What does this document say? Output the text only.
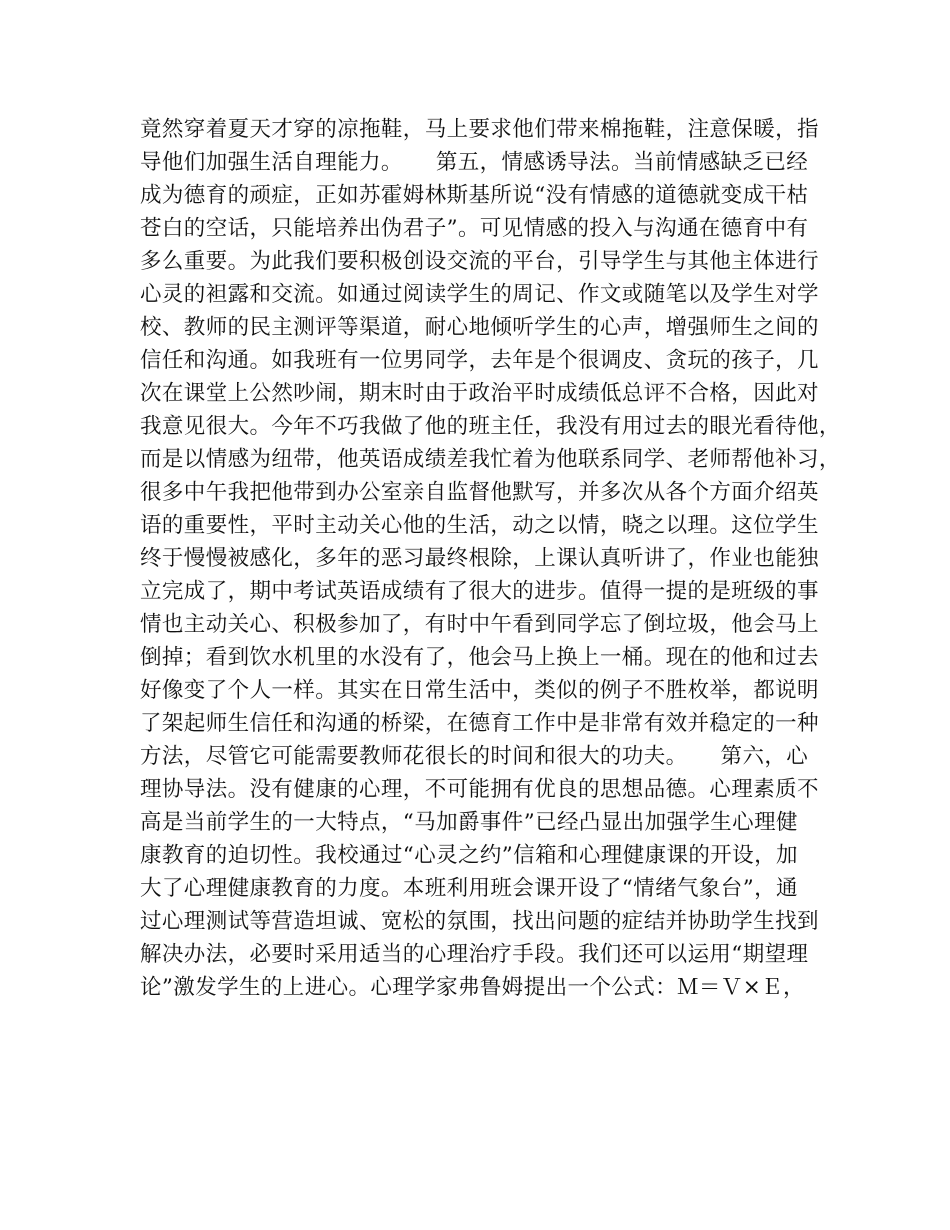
竟然穿着夏天才穿的凉拖鞋，马上要求他们带来棉拖鞋，注意保暖，指
导他们加强生活自理能力。　　第五，情感诱导法。当前情感缺乏已经
成为德育的顽症，正如苏霍姆林斯基所说“没有情感的道德就变成干枯
苍白的空话，只能培养出伪君子”。可见情感的投入与沟通在德育中有
多么重要。为此我们要积极创设交流的平台，引导学生与其他主体进行
心灵的袒露和交流。如通过阅读学生的周记、作文或随笔以及学生对学
校、教师的民主测评等渠道，耐心地倾听学生的心声，增强师生之间的
信任和沟通。如我班有一位男同学，去年是个很调皮、贪玩的孩子，几
次在课堂上公然吵闹，期末时由于政治平时成绩低总评不合格，因此对
我意见很大。今年不巧我做了他的班主任，我没有用过去的眼光看待他，
而是以情感为纽带，他英语成绩差我忙着为他联系同学、老师帮他补习，
很多中午我把他带到办公室亲自监督他默写，并多次从各个方面介绍英
语的重要性，平时主动关心他的生活，动之以情，晓之以理。这位学生
终于慢慢被感化，多年的恶习最终根除，上课认真听讲了，作业也能独
立完成了，期中考试英语成绩有了很大的进步。值得一提的是班级的事
情也主动关心、积极参加了，有时中午看到同学忘了倒垃圾，他会马上
倒掉；看到饮水机里的水没有了，他会马上换上一桶。现在的他和过去
好像变了个人一样。其实在日常生活中，类似的例子不胜枚举，都说明
了架起师生信任和沟通的桥梁，在德育工作中是非常有效并稳定的一种
方法，尽管它可能需要教师花很长的时间和很大的功夫。　　第六，心
理协导法。没有健康的心理，不可能拥有优良的思想品德。心理素质不
高是当前学生的一大特点，“马加爵事件”已经凸显出加强学生心理健
康教育的迫切性。我校通过“心灵之约”信箱和心理健康课的开设，加
大了心理健康教育的力度。本班利用班会课开设了“情绪气象台”，通
过心理测试等营造坦诚、宽松的氛围，找出问题的症结并协助学生找到
解决办法，必要时采用适当的心理治疗手段。我们还可以运用“期望理
论”激发学生的上进心。心理学家弗鲁姆提出一个公式：Ｍ＝Ｖ×Ｅ，
